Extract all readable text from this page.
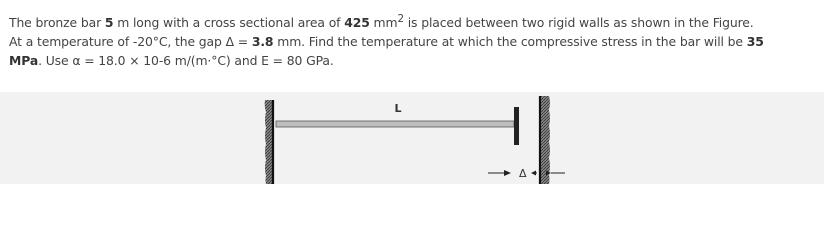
The bronze bar 5 m long with a cross sectional area of 425 $mm^2$ is placed between two rigid walls as shown in the Figure.
At a temperature of -20°C, the gap Δ = 3.8 mm. Find the temperature at which the compressive stress in the bar will be 35
MPa. Use α = 18.0 × 10-6 m/(m·°C) and E = 80 GPa.
L
Δ
